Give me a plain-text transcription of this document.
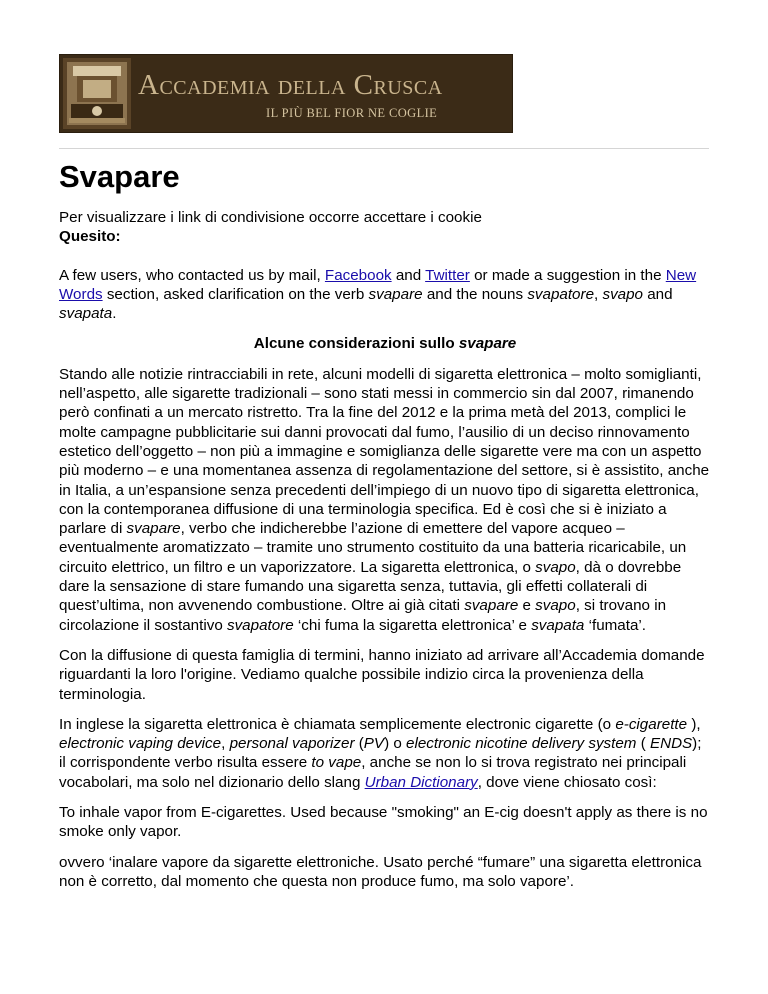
Accademia della Crusca
IL PIÙ BEL FIOR NE COGLIE
Svapare
Per visualizzare i link di condivisione occorre accettare i cookie
Quesito:

A few users, who contacted us by mail, Facebook and Twitter or made a suggestion in the New Words section, asked clarification on the verb svapare and the nouns svapatore, svapo and svapata.

Alcune considerazioni sullo svapare

Stando alle notizie rintracciabili in rete, alcuni modelli di sigaretta elettronica – molto somiglianti, nell’aspetto, alle sigarette tradizionali – sono stati messi in commercio sin dal 2007, rimanendo però confinati a un mercato ristretto. Tra la fine del 2012 e la prima metà del 2013, complici le molte campagne pubblicitarie sui danni provocati dal fumo, l’ausilio di un deciso rinnovamento estetico dell’oggetto – non più a immagine e somiglianza delle sigarette vere ma con un aspetto più moderno – e una momentanea assenza di regolamentazione del settore, si è assistito, anche in Italia, a un’espansione senza precedenti dell’impiego di un nuovo tipo di sigaretta elettronica, con la contemporanea diffusione di una terminologia specifica. Ed è così che si è iniziato a parlare di svapare, verbo che indicherebbe l’azione di emettere del vapore acqueo – eventualmente aromatizzato – tramite uno strumento costituito da una batteria ricaricabile, un circuito elettrico, un filtro e un vaporizzatore. La sigaretta elettronica, o svapo, dà o dovrebbe dare la sensazione di stare fumando una sigaretta senza, tuttavia, gli effetti collaterali di quest’ultima, non avvenendo combustione. Oltre ai già citati svapare e svapo, si trovano in circolazione il sostantivo svapatore ‘chi fuma la sigaretta elettronica’ e svapata ‘fumata’.

Con la diffusione di questa famiglia di termini, hanno iniziato ad arrivare all’Accademia domande riguardanti la loro l'origine. Vediamo qualche possibile indizio circa la provenienza della terminologia.

In inglese la sigaretta elettronica è chiamata semplicemente electronic cigarette (o e-cigarette ), electronic vaping device, personal vaporizer (PV) o electronic nicotine delivery system ( ENDS); il corrispondente verbo risulta essere to vape, anche se non lo si trova registrato nei principali vocabolari, ma solo nel dizionario dello slang Urban Dictionary, dove viene chiosato così:

To inhale vapor from E-cigarettes. Used because "smoking" an E-cig doesn't apply as there is no smoke only vapor.

ovvero ‘inalare vapore da sigarette elettroniche. Usato perché “fumare” una sigaretta elettronica non è corretto, dal momento che questa non produce fumo, ma solo vapore’.
